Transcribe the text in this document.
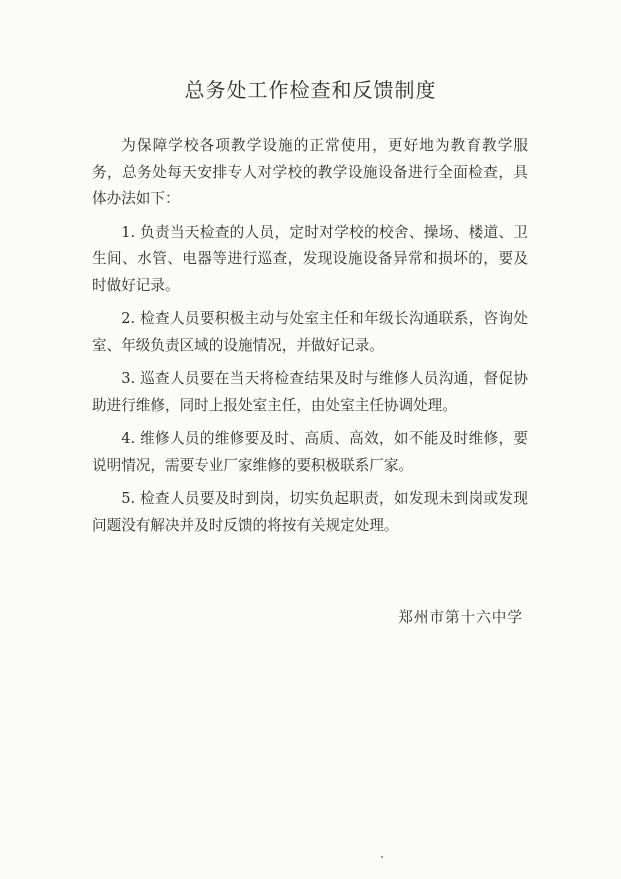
总务处工作检查和反馈制度

为保障学校各项教学设施的正常使用，更好地为教育教学服务，总务处每天安排专人对学校的教学设施设备进行全面检查，具体办法如下：

1. 负责当天检查的人员，定时对学校的校舍、操场、楼道、卫生间、水管、电器等进行巡查，发现设施设备异常和损坏的，要及时做好记录。

2. 检查人员要积极主动与处室主任和年级长沟通联系，咨询处室、年级负责区域的设施情况，并做好记录。

3. 巡查人员要在当天将检查结果及时与维修人员沟通，督促协助进行维修，同时上报处室主任，由处室主任协调处理。

4. 维修人员的维修要及时、高质、高效，如不能及时维修，要说明情况，需要专业厂家维修的要积极联系厂家。

5. 检查人员要及时到岗，切实负起职责，如发现未到岗或发现问题没有解决并及时反馈的将按有关规定处理。

郑州市第十六中学
